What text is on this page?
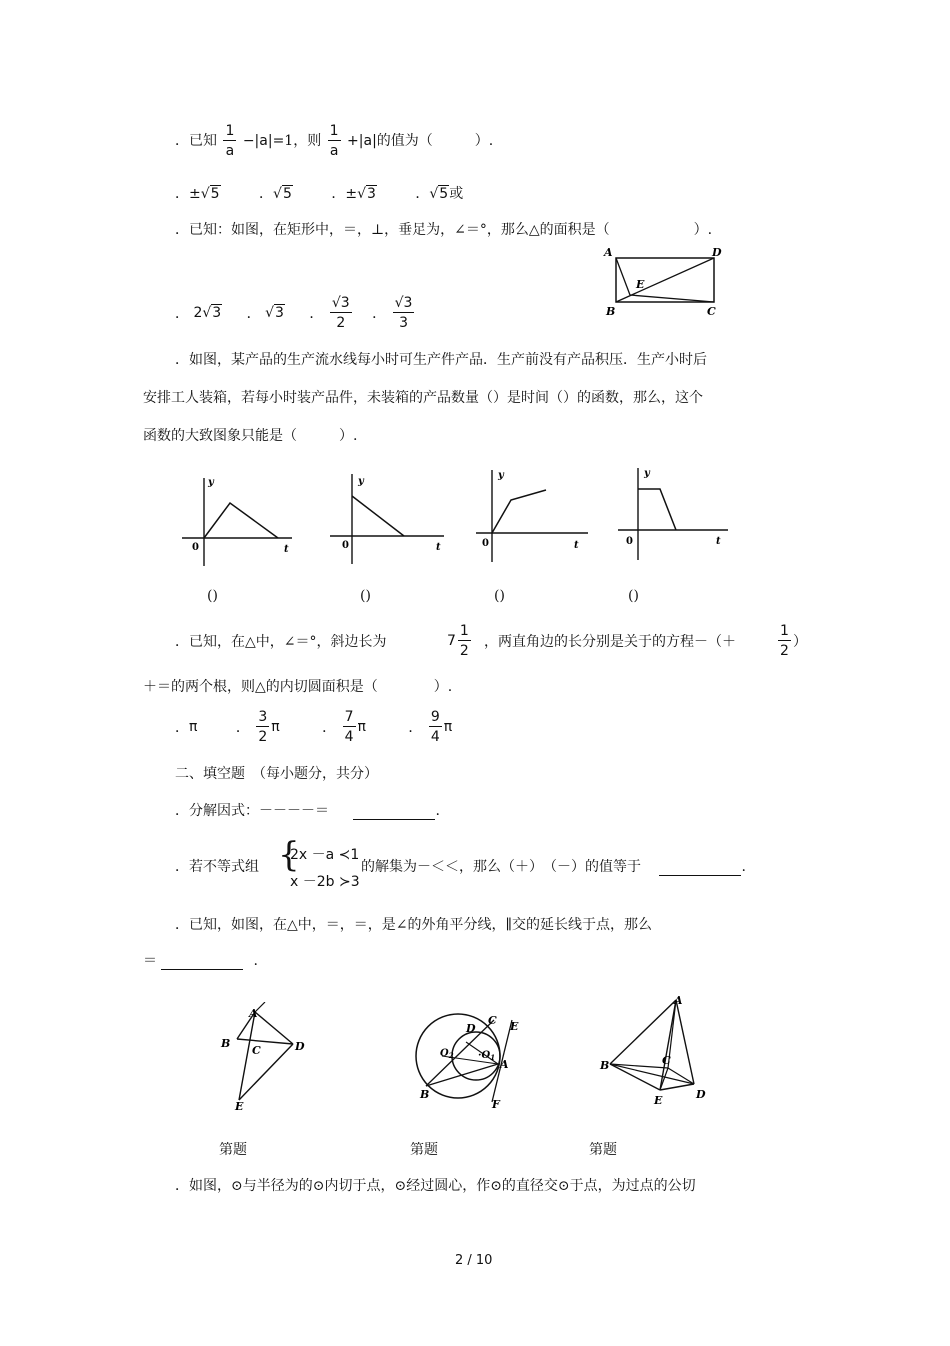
．已知 $\frac{1}{a} -|a|=1$，则 $\frac{1}{a} +|a|$的值为（　　　）.
．±√5	．√5	．±√3	．√5或
．已知：如图，在矩形中，＝，⊥，垂足为，∠＝°，那么△的面积是（　　　　　　）.
A	D
E
B	C
． 2√3 ． √3 ． $\frac{√3}{2}$ ． $\frac{√3}{3}$
．如图，某产品的生产流水线每小时可生产件产品．生产前没有产品积压．生产小时后
安排工人装箱，若每小时装产品件，未装箱的产品数量（）是时间（）的函数，那么，这个
函数的大致图象只能是（　　　）.
y
0	t
y
0	t
y
0	t
y
0	t
()	()	()	()
．已知，在△中，∠＝°，斜边长为	$7 \frac{1}{2}$ ，两直角边的长分别是关于的方程－（＋	$\frac{1}{2}$ ）
＋＝的两个根，则△的内切圆面积是（　　　　）.
．π	． $\frac{3}{2}$ π	． $\frac{7}{4}$ π	． $\frac{9}{4}$ π
二、填空题　（每小题分，共分）
．分解因式：－－－－＝	.
．若不等式组 {
2x －a ≺1
x －2b ≻3
的解集为－＜＜，那么（＋）　（－）的值等于	.
．已知，如图，在△中，＝，＝，是∠的外角平分线，∥交的延长线于点，那么
＝	.
A
B
C	D
E
$O_2 \cdot O_1$
D
C E
A
B
F
A
B	C
D
E
第题	第题	第题
．如图，⊙与半径为的⊙内切于点，⊙经过圆心，作⊙的直径交⊙于点，为过点的公切
2 / 10
